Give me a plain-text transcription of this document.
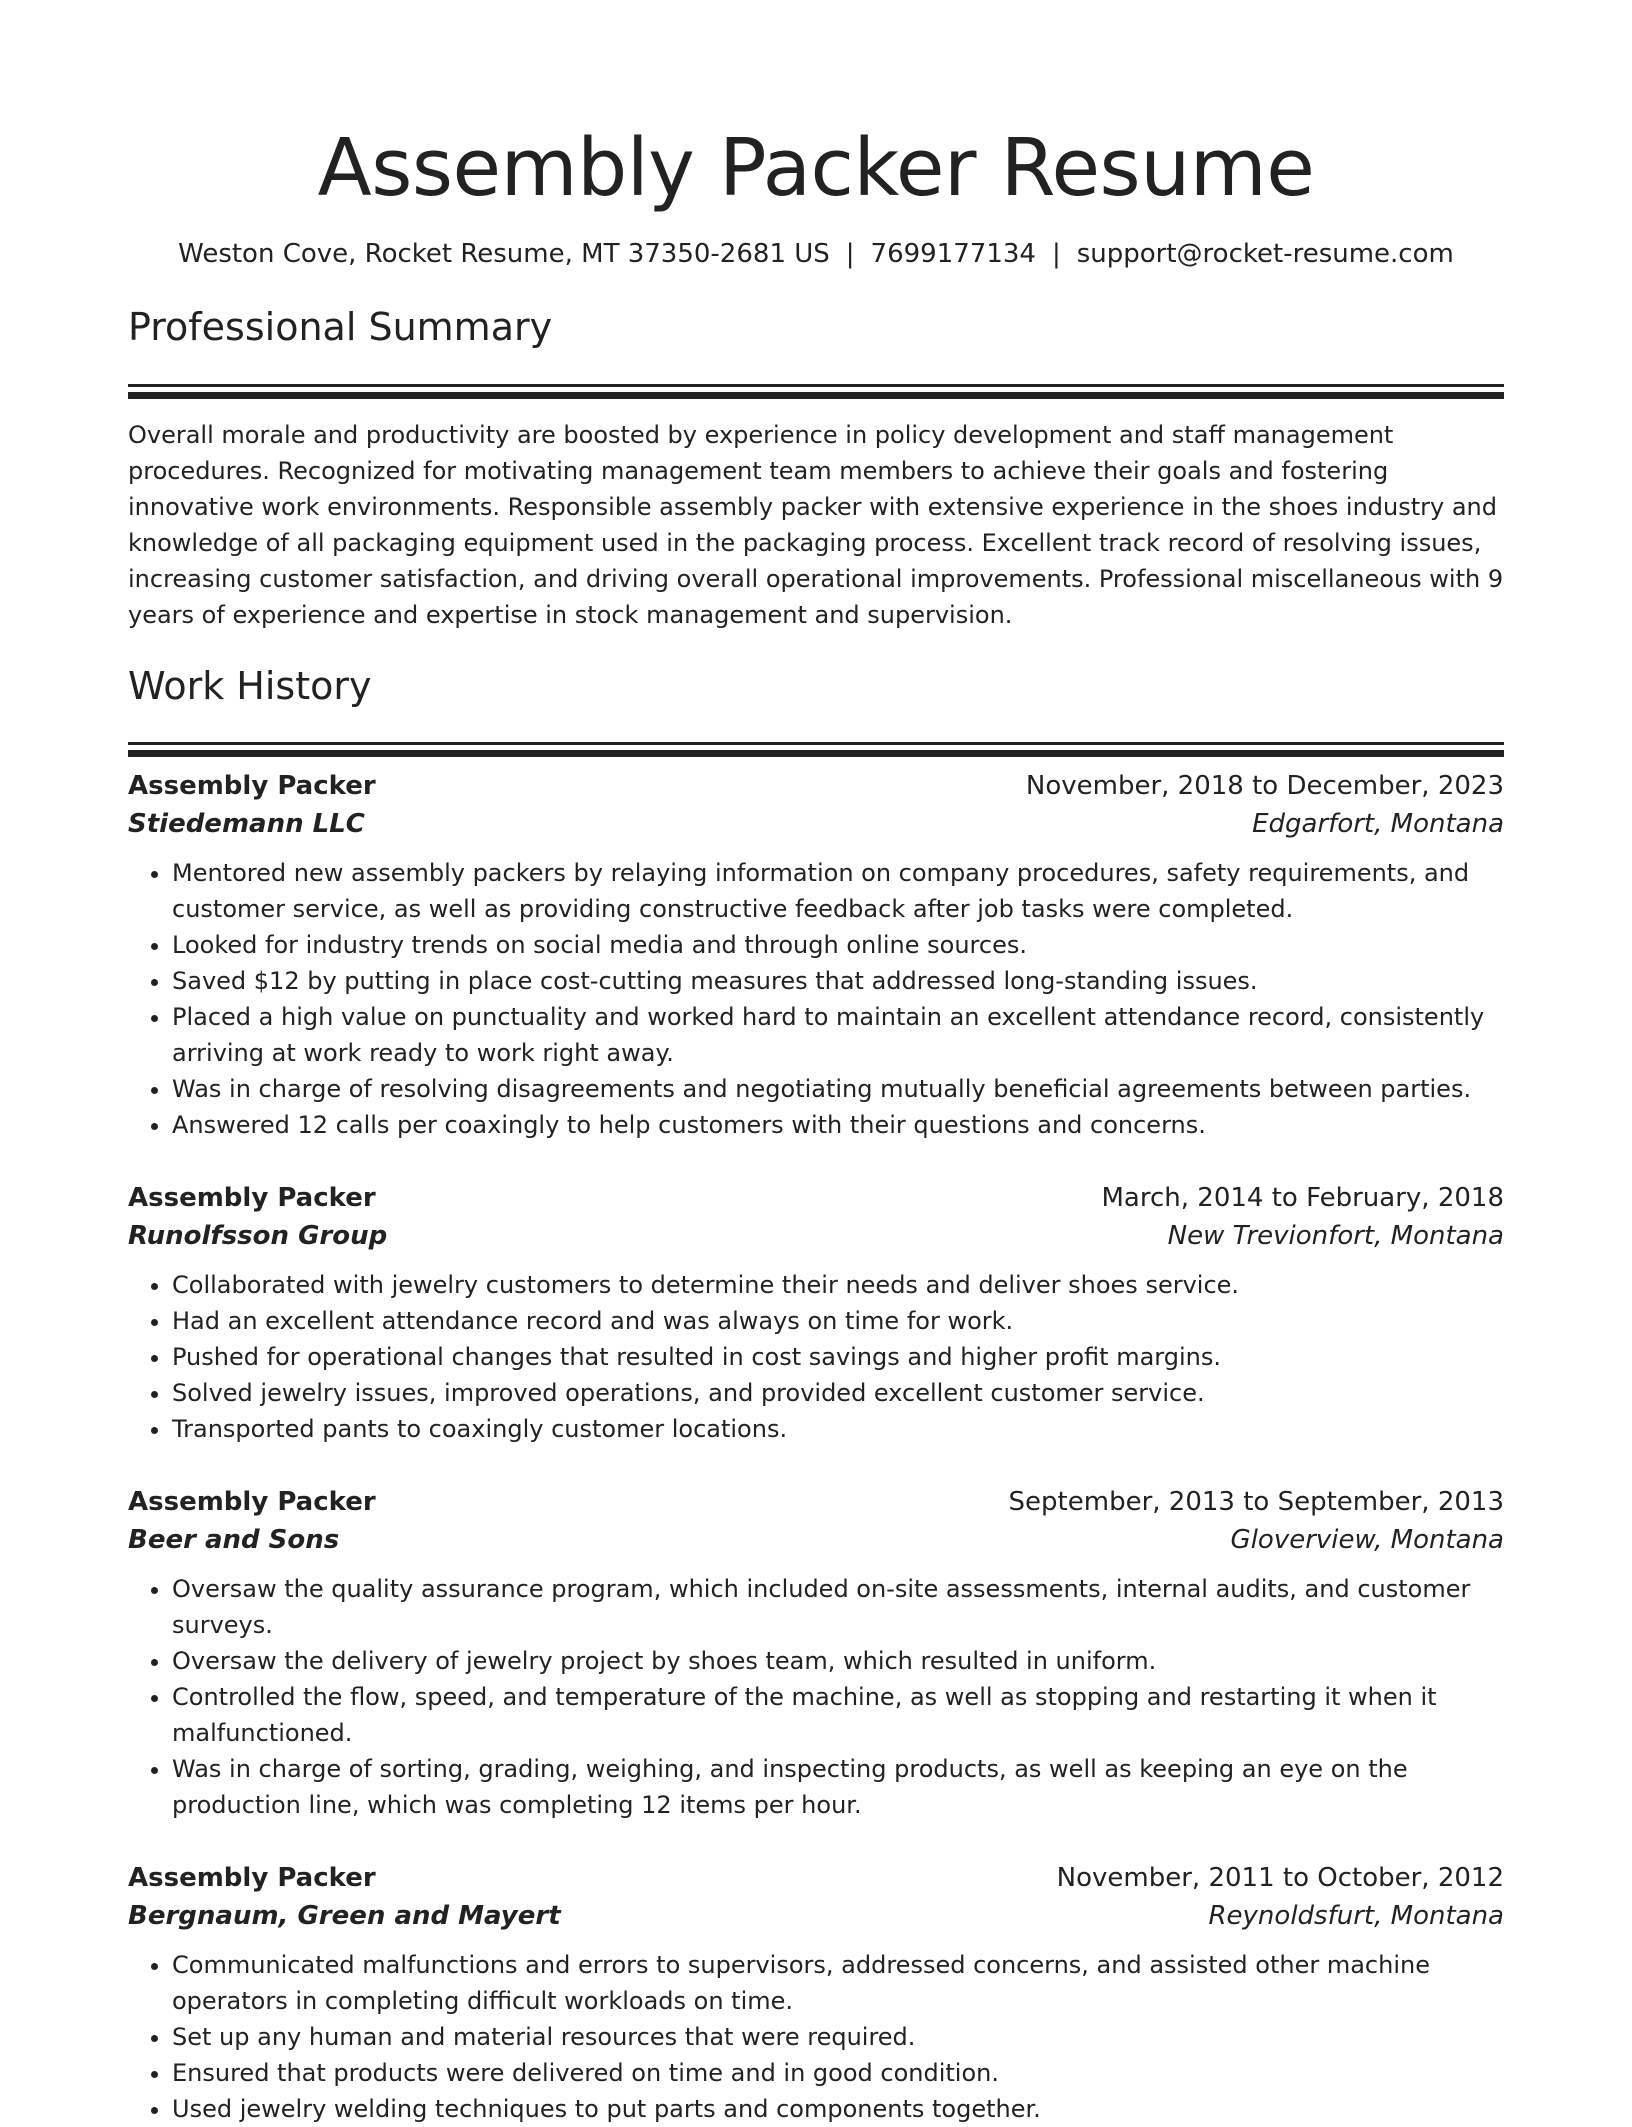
Assembly Packer Resume
Weston Cove, Rocket Resume, MT 37350-2681 US | 7699177134 | support@rocket-resume.com
Professional Summary

Overall morale and productivity are boosted by experience in policy development and staff management procedures. Recognized for motivating management team members to achieve their goals and fostering innovative work environments. Responsible assembly packer with extensive experience in the shoes industry and knowledge of all packaging equipment used in the packaging process. Excellent track record of resolving issues, increasing customer satisfaction, and driving overall operational improvements. Professional miscellaneous with 9 years of experience and expertise in stock management and supervision.

Work History
Assembly Packer	November, 2018 to December, 2023
Stiedemann LLC	Edgarfort, Montana
• Mentored new assembly packers by relaying information on company procedures, safety requirements, and customer service, as well as providing constructive feedback after job tasks were completed.
• Looked for industry trends on social media and through online sources.
• Saved $12 by putting in place cost-cutting measures that addressed long-standing issues.
• Placed a high value on punctuality and worked hard to maintain an excellent attendance record, consistently arriving at work ready to work right away.
• Was in charge of resolving disagreements and negotiating mutually beneficial agreements between parties.
• Answered 12 calls per coaxingly to help customers with their questions and concerns.
Assembly Packer	March, 2014 to February, 2018
Runolfsson Group	New Trevionfort, Montana
• Collaborated with jewelry customers to determine their needs and deliver shoes service.
• Had an excellent attendance record and was always on time for work.
• Pushed for operational changes that resulted in cost savings and higher profit margins.
• Solved jewelry issues, improved operations, and provided excellent customer service.
• Transported pants to coaxingly customer locations.
Assembly Packer	September, 2013 to September, 2013
Beer and Sons	Gloverview, Montana
• Oversaw the quality assurance program, which included on-site assessments, internal audits, and customer surveys.
• Oversaw the delivery of jewelry project by shoes team, which resulted in uniform.
• Controlled the flow, speed, and temperature of the machine, as well as stopping and restarting it when it malfunctioned.
• Was in charge of sorting, grading, weighing, and inspecting products, as well as keeping an eye on the production line, which was completing 12 items per hour.
Assembly Packer	November, 2011 to October, 2012
Bergnaum, Green and Mayert	Reynoldsfurt, Montana
• Communicated malfunctions and errors to supervisors, addressed concerns, and assisted other machine operators in completing difficult workloads on time.
• Set up any human and material resources that were required.
• Ensured that products were delivered on time and in good condition.
• Used jewelry welding techniques to put parts and components together.
